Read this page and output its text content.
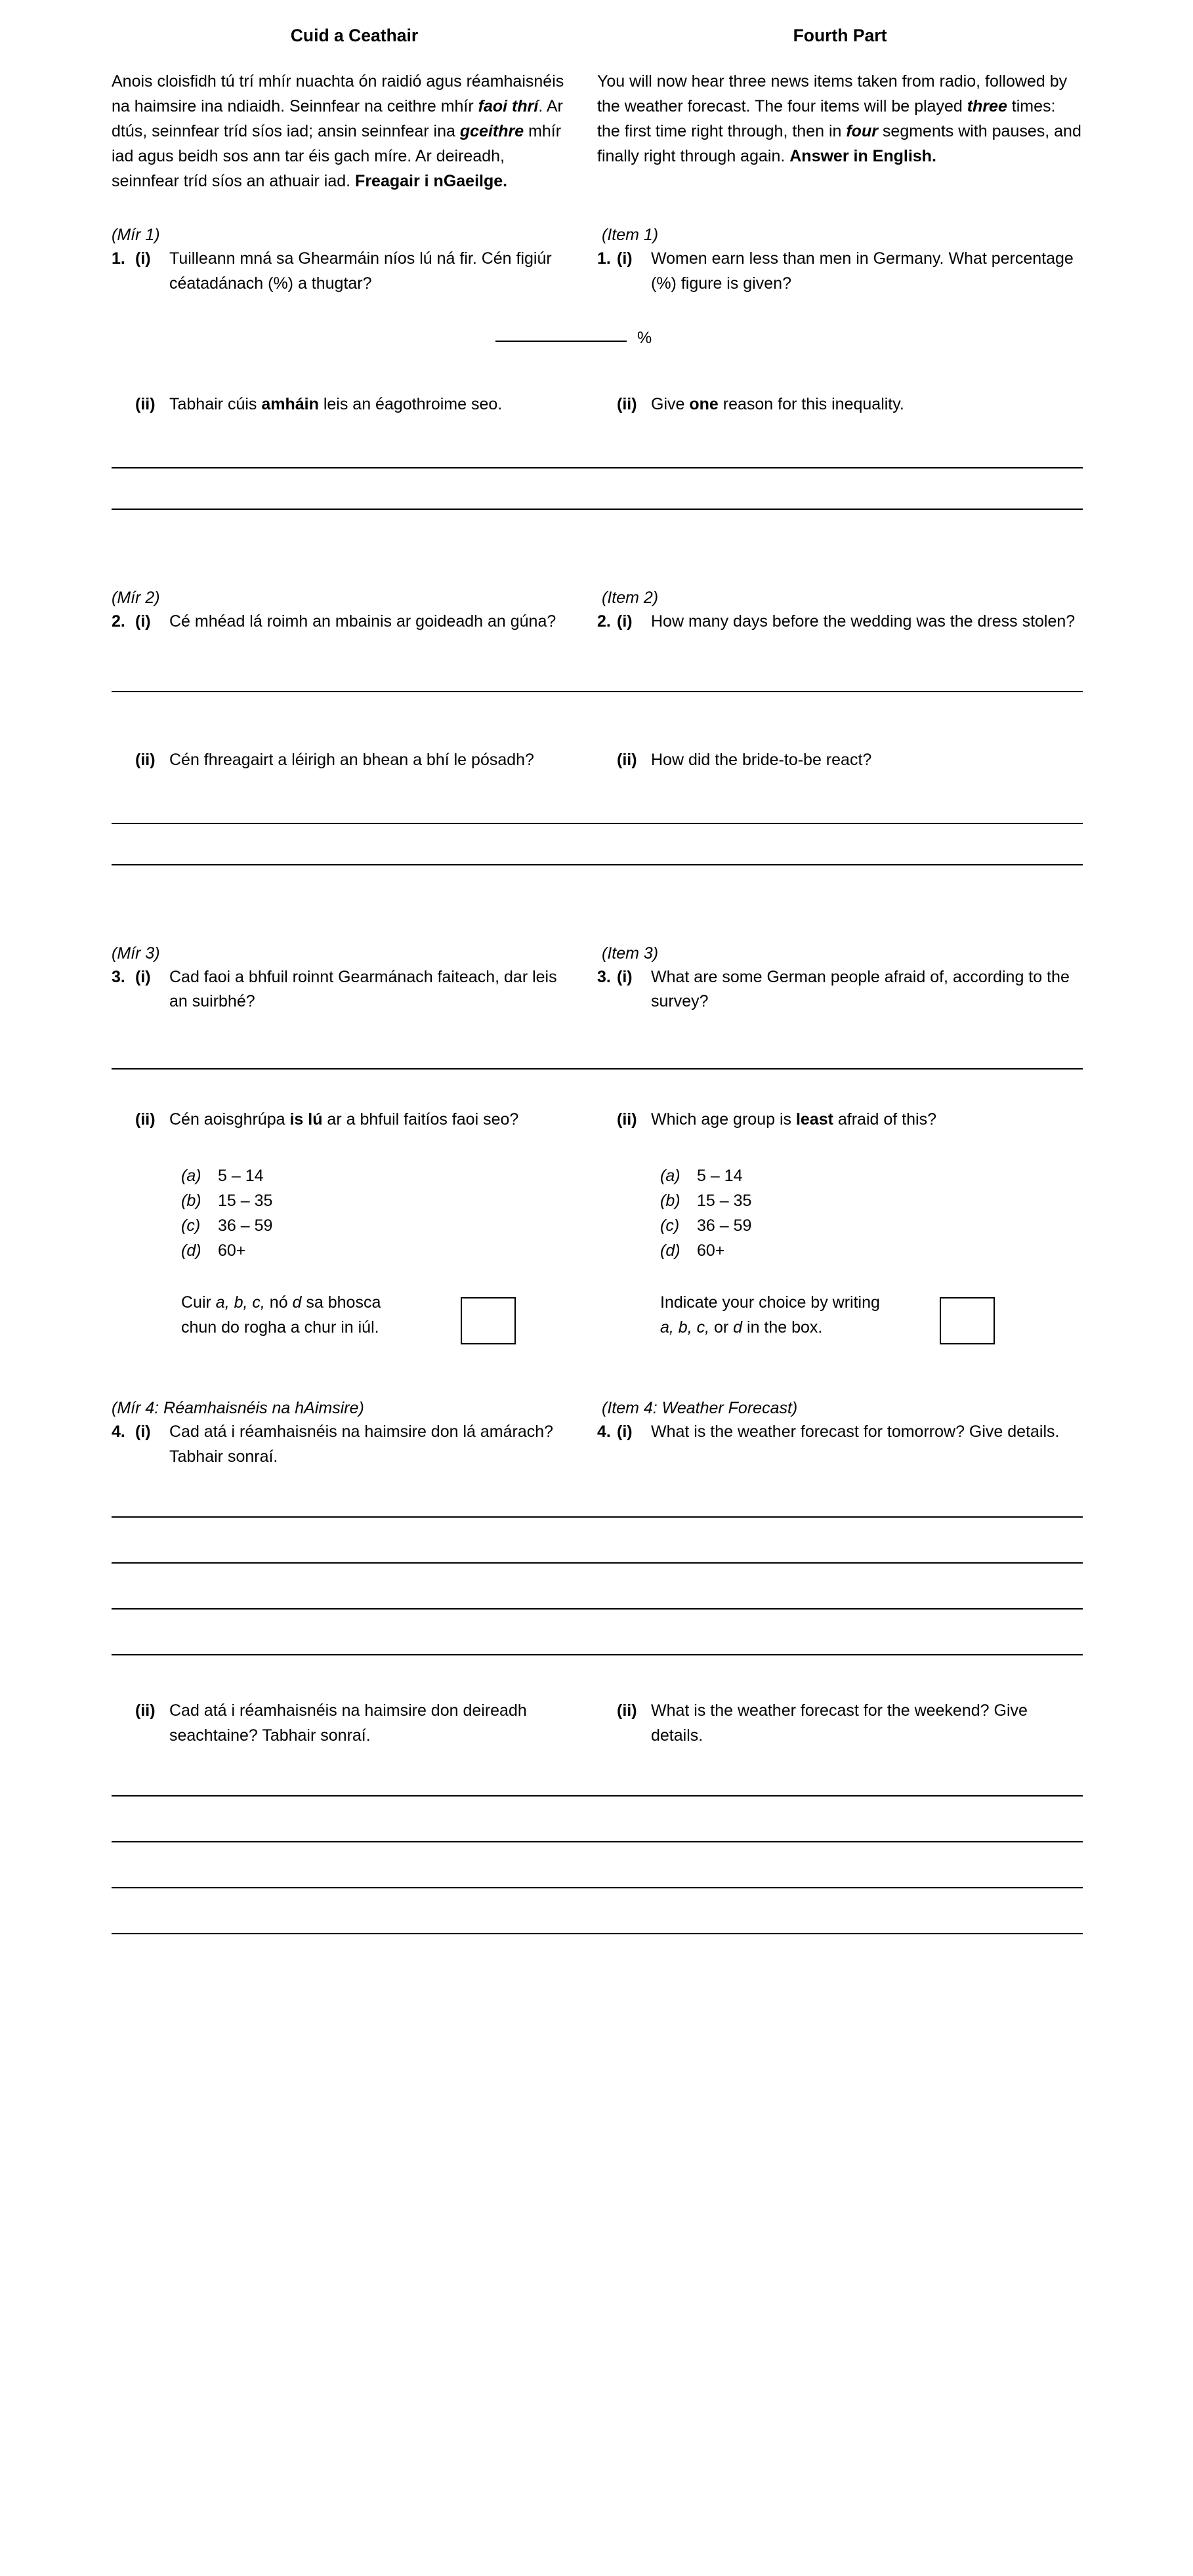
Cuid a Ceathair	Fourth Part

Anois cloisfidh tú trí mhír nuachta ón raidió agus réamhaisnéis na haimsire ina ndiaidh. Seinnfear na ceithre mhír faoi thrí. Ar dtús, seinnfear tríd síos iad; ansin seinnfear ina gceithre mhír iad agus beidh sos ann tar éis gach míre. Ar deireadh, seinnfear tríd síos an athuair iad. Freagair i nGaeilge.

You will now hear three news items taken from radio, followed by the weather forecast. The four items will be played three times: the first time right through, then in four segments with pauses, and finally right through again. Answer in English.

(Mír 1)	(Item 1)
1. (i)	Tuilleann mná sa Ghearmáin níos lú ná fir. Cén figiúr céatadánach (%) a thugtar?
1. (i)	Women earn less than men in Germany. What percentage (%) figure is given?
%
(ii) Tabhair cúis amháin leis an éagothroime seo.	(ii) Give one reason for this inequality.
(Mír 2)	(Item 2)
2. (i)	Cé mhéad lá roimh an mbainis ar goideadh an gúna?	2. (i)	How many days before the wedding was the dress stolen?
(ii) Cén fhreagairt a léirigh an bhean a bhí le pósadh?	(ii) How did the bride-to-be react?
(Mír 3)	(Item 3)
3. (i)	Cad faoi a bhfuil roinnt Gearmánach faiteach, dar leis an suirbhé?
3. (i)	What are some German people afraid of, according to the survey?
(ii) Cén aoisghrúpa is lú ar a bhfuil faitíos faoi seo?	(ii) Which age group is least afraid of this?
(a)	5 – 14	(a)	5 – 14
(b)	15 – 35	(b)	15 – 35
(c)	36 – 59	(c)	36 – 59
(d)	60+	(d)	60+
Cuir a, b, c, nó d sa bhosca
chun do rogha a chur in iúl.
Indicate your choice by writing
a, b, c, or d in the box.
(Mír 4: Réamhaisnéis na hAimsire)	(Item 4: Weather Forecast)
4. (i)	Cad atá i réamhaisnéis na haimsire don lá amárach? Tabhair sonraí.
4. (i)	What is the weather forecast for tomorrow? Give details.
(ii) Cad atá i réamhaisnéis na haimsire don deireadh seachtaine? Tabhair sonraí.
(ii) What is the weather forecast for the weekend? Give details.
